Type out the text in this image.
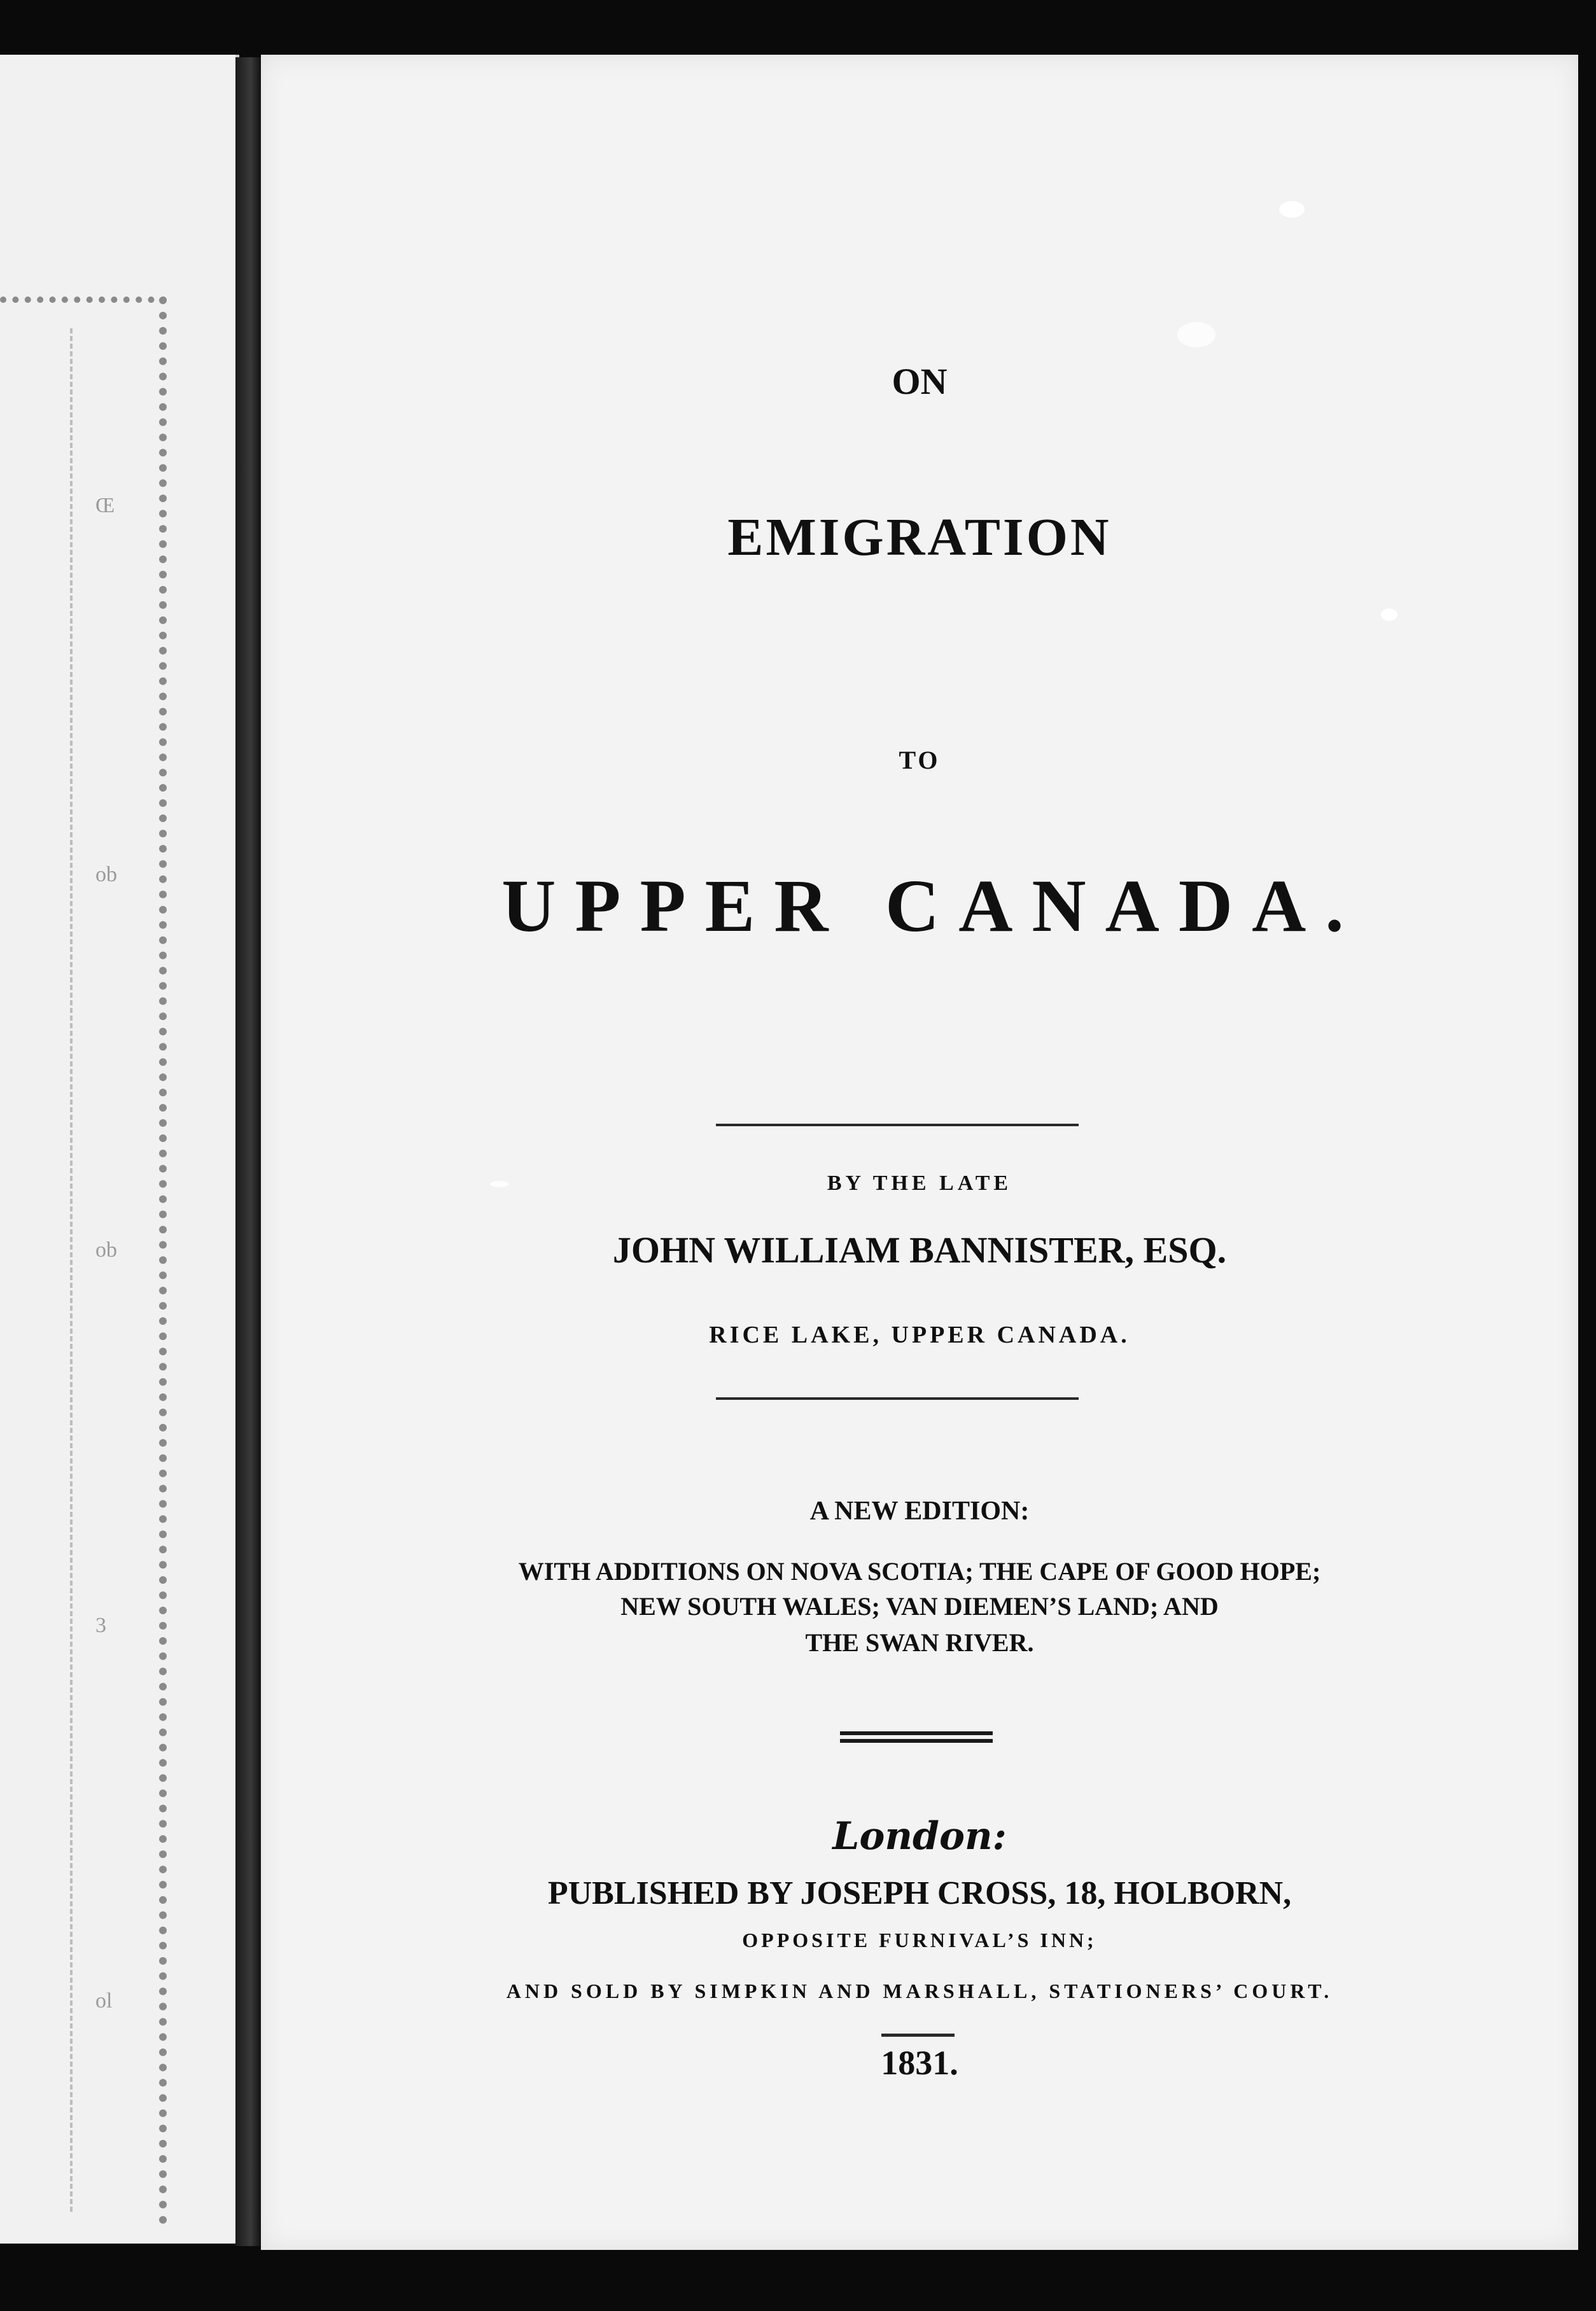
Œ
ob
ob
3
ol
ON
EMIGRATION
TO
UPPER CANADA.
BY THE LATE
JOHN WILLIAM BANNISTER, ESQ.
RICE LAKE, UPPER CANADA.
A NEW EDITION:
WITH ADDITIONS ON NOVA SCOTIA; THE CAPE OF GOOD HOPE;
NEW SOUTH WALES; VAN DIEMEN’S LAND; AND
THE SWAN RIVER.
London:
PUBLISHED BY JOSEPH CROSS, 18, HOLBORN,
OPPOSITE FURNIVAL’S INN;
AND SOLD BY SIMPKIN AND MARSHALL, STATIONERS’ COURT.
1831.
